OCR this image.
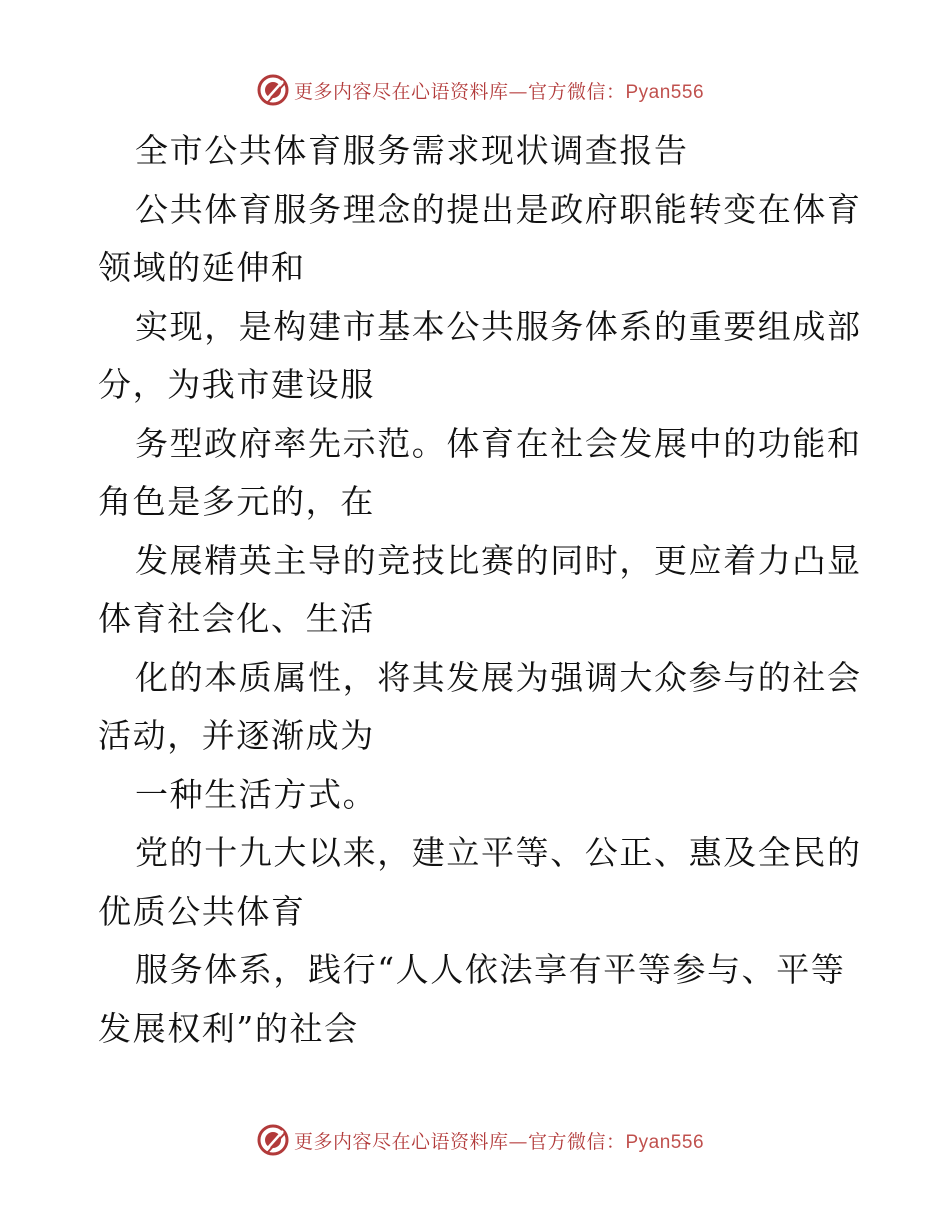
更多内容尽在心语资料库—官方微信：Pyan556
全市公共体育服务需求现状调查报告
公共体育服务理念的提出是政府职能转变在体育
领域的延伸和
实现，是构建市基本公共服务体系的重要组成部
分，为我市建设服
务型政府率先示范。体育在社会发展中的功能和
角色是多元的，在
发展精英主导的竞技比赛的同时，更应着力凸显
体育社会化、生活
化的本质属性，将其发展为强调大众参与的社会
活动，并逐渐成为
一种生活方式。
党的十九大以来，建立平等、公正、惠及全民的
优质公共体育
服务体系，践行“人人依法享有平等参与、平等
发展权利”的社会
更多内容尽在心语资料库—官方微信：Pyan556
